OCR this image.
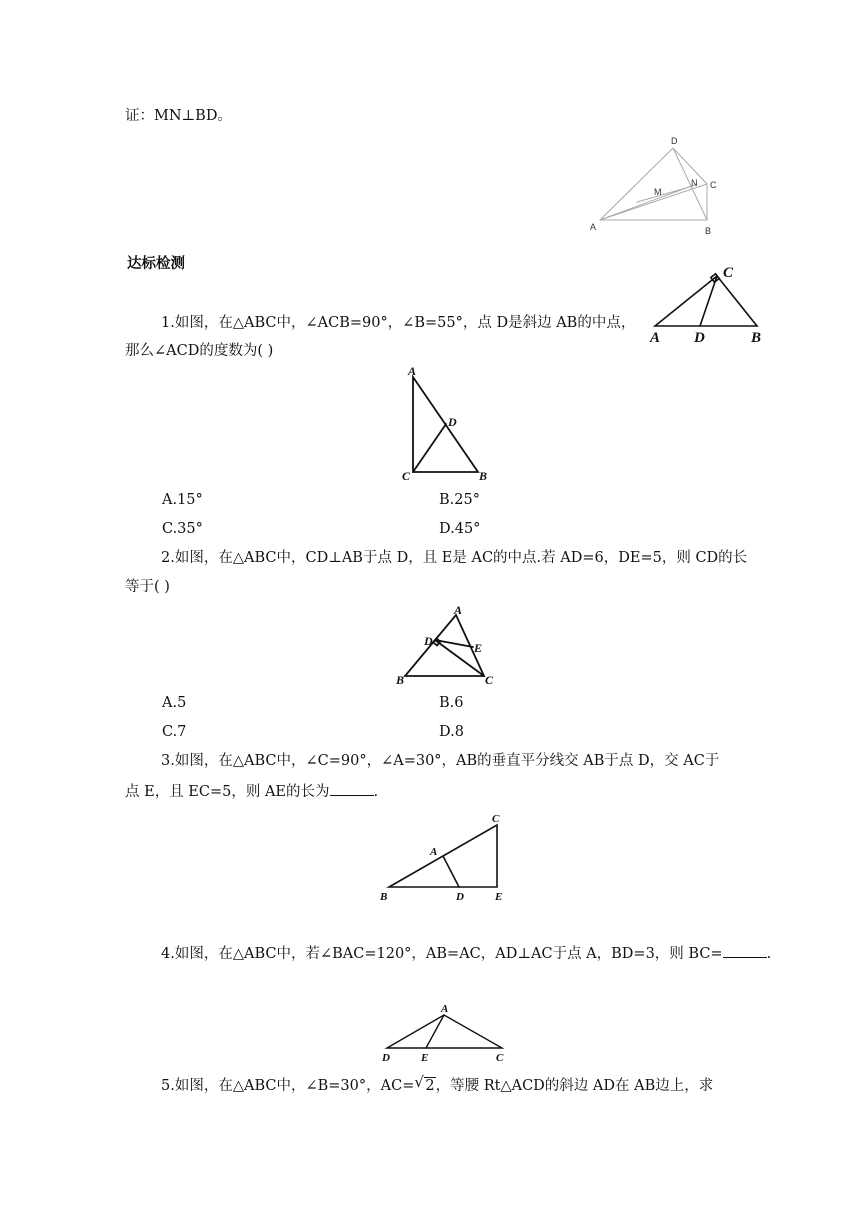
证：MN⊥BD。
D
M
N C
A	B
达标检测
1.如图，在△ABC中，∠ACB=90°，∠B=55°，点 D是斜边 AB的中点，
那么∠ACD的度数为( )
C
A D	B
A
D
C	B
A.15°	B.25°
C.35°	D.45°
2.如图，在△ABC中，CD⊥AB于点 D，且 E是 AC的中点.若 AD=6，DE=5，则 CD的长
等于( )
A
D	E
C
B
A.5	B.6
C.7	D.8
3.如图，在△ABC中，∠C=90°，∠A=30°，AB的垂直平分线交 AB于点 D，交 AC于
点 E，且 EC=5，则 AE的长为	.
B
A
D	E
C
4.如图，在△ABC中，若∠BAC=120°，AB=AC，AD⊥AC于点 A，BD=3，则 BC=	.
D
A
E	C
5.如图，在△ABC中，∠B=30°，AC= √ 2，等腰 Rt△ACD的斜边 AD在 AB边上，求
